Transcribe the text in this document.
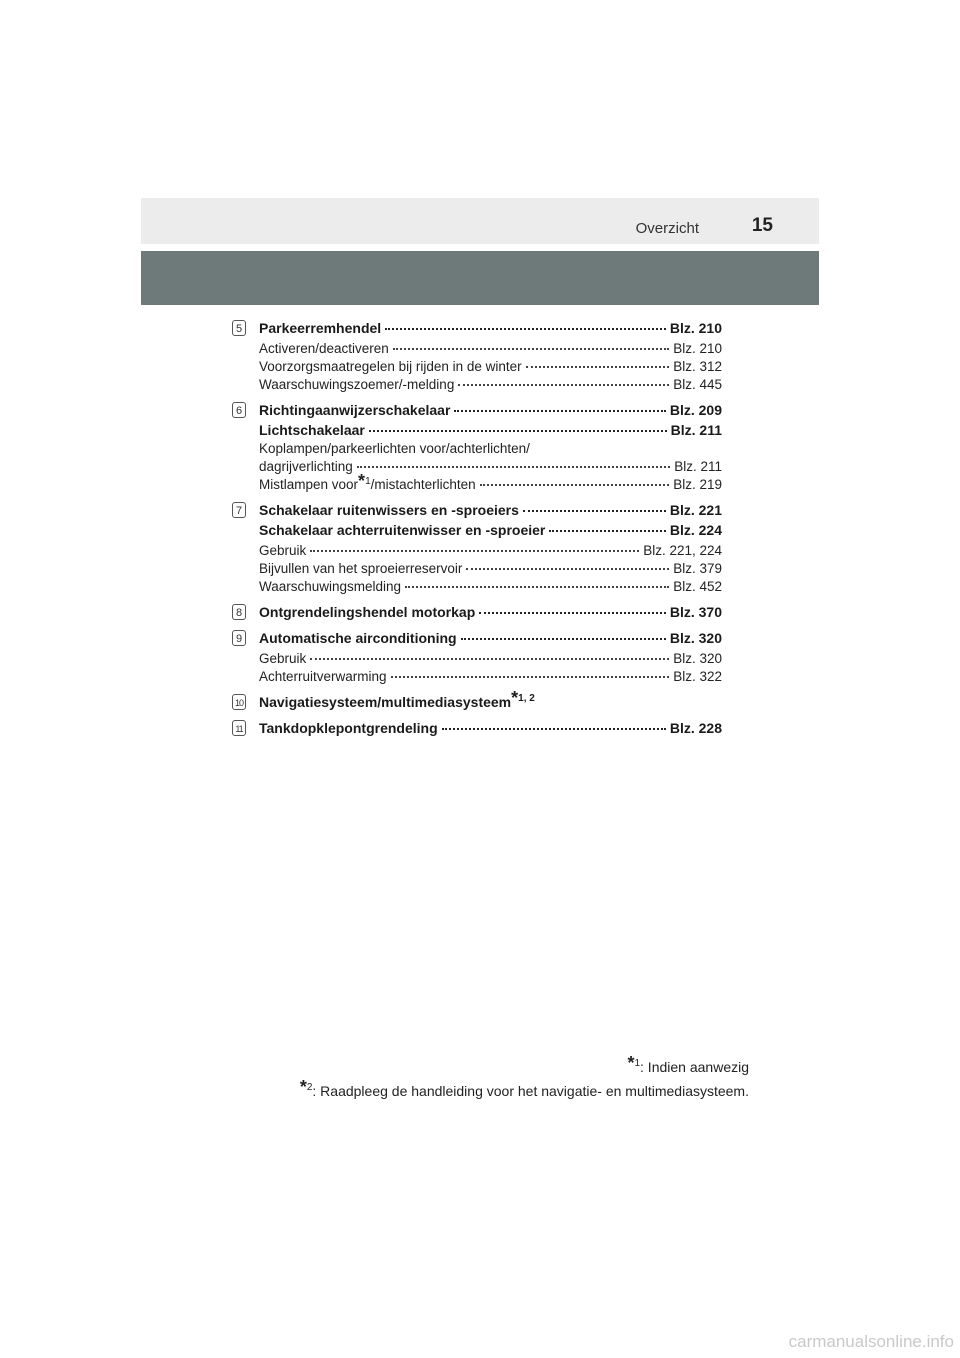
Overzicht	15
5 Parkeerremhendel	Blz. 210
Activeren/deactiveren	Blz. 210
Voorzorgsmaatregelen bij rijden in de winter	Blz. 312
Waarschuwingszoemer/-melding	Blz. 445
6 Richtingaanwijzerschakelaar	Blz. 209
Lichtschakelaar	Blz. 211
Koplampen/parkeerlichten voor/achterlichten/
dagrijverlichting	Blz. 211
Mistlampen voor$^{*1}$/mistachterlichten	Blz. 219
7 Schakelaar ruitenwissers en -sproeiers	Blz. 221
Schakelaar achterruitenwisser en -sproeier	Blz. 224
Gebruik	Blz. 221, 224
Bijvullen van het sproeierreservoir	Blz. 379
Waarschuwingsmelding	Blz. 452
8 Ontgrendelingshendel motorkap	Blz. 370
9 Automatische airconditioning	Blz. 320
Gebruik	Blz. 320
Achterruitverwarming	Blz. 322
10 Navigatiesysteem/multimediasysteem$^{*1, 2}$
11 Tankdopklepontgrendeling	Blz. 228
$^{*1}$: Indien aanwezig
$^{*2}$: Raadpleeg de handleiding voor het navigatie- en multimediasysteem.
carmanualsonline.info
